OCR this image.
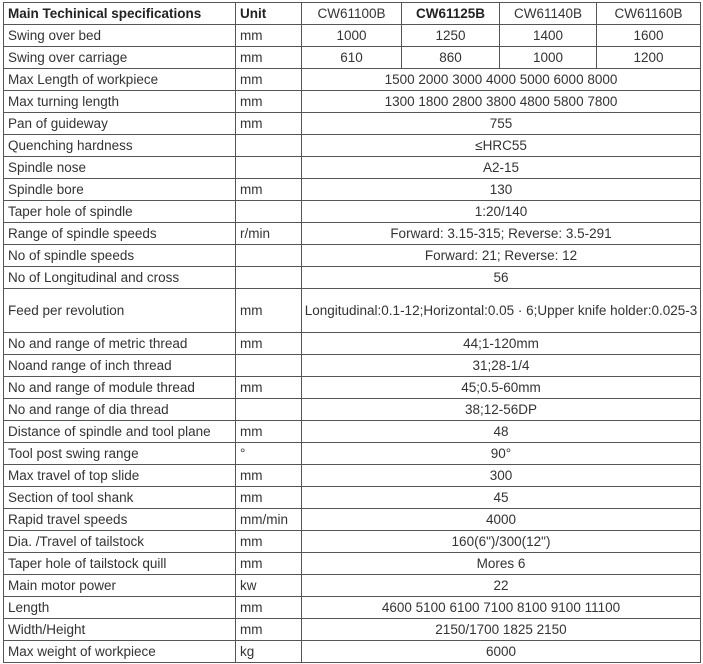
Main Techinical specifications	Unit	CW61100B	CW61125B	CW61140B	CW61160B
Swing over bed	mm	1000	1250	1400	1600
Swing over carriage	mm	610	860	1000	1200
Max Length of workpiece	mm	1500 2000 3000 4000 5000 6000 8000			
Max turning length	mm	1300 1800 2800 3800 4800 5800 7800			
Pan of guideway	mm	755			
Quenching hardness		≤HRC55			
Spindle nose		A2-15			
Spindle bore	mm	130			
Taper hole of spindle		1:20/140			
Range of spindle speeds	r/min	Forward: 3.15-315; Reverse: 3.5-291			
No of spindle speeds		Forward: 21; Reverse: 12			
No of Longitudinal and cross		56			
Feed per revolution	mm	Longitudinal:0.1-12;Horizontal:0.05 · 6;Upper knife holder:0.025-3			
No and range of metric thread	mm	44;1-120mm			
Noand range of inch thread		31;28-1/4			
No and range of module thread	mm	45;0.5-60mm			
No and range of dia thread		38;12-56DP			
Distance of spindle and tool plane	mm	48			
Tool post swing range	°	90°			
Max travel of top slide	mm	300			
Section of tool shank	mm	45			
Rapid travel speeds	mm/min	4000			
Dia. /Travel of tailstock	mm	160(6")/300(12")			
Taper hole of tailstock quill	mm	Mores 6			
Main motor power	kw	22			
Length	mm	4600 5100 6100 7100 8100 9100 11100			
Width/Height	mm	2150/1700 1825 2150			
Max weight of workpiece	kg	6000			
